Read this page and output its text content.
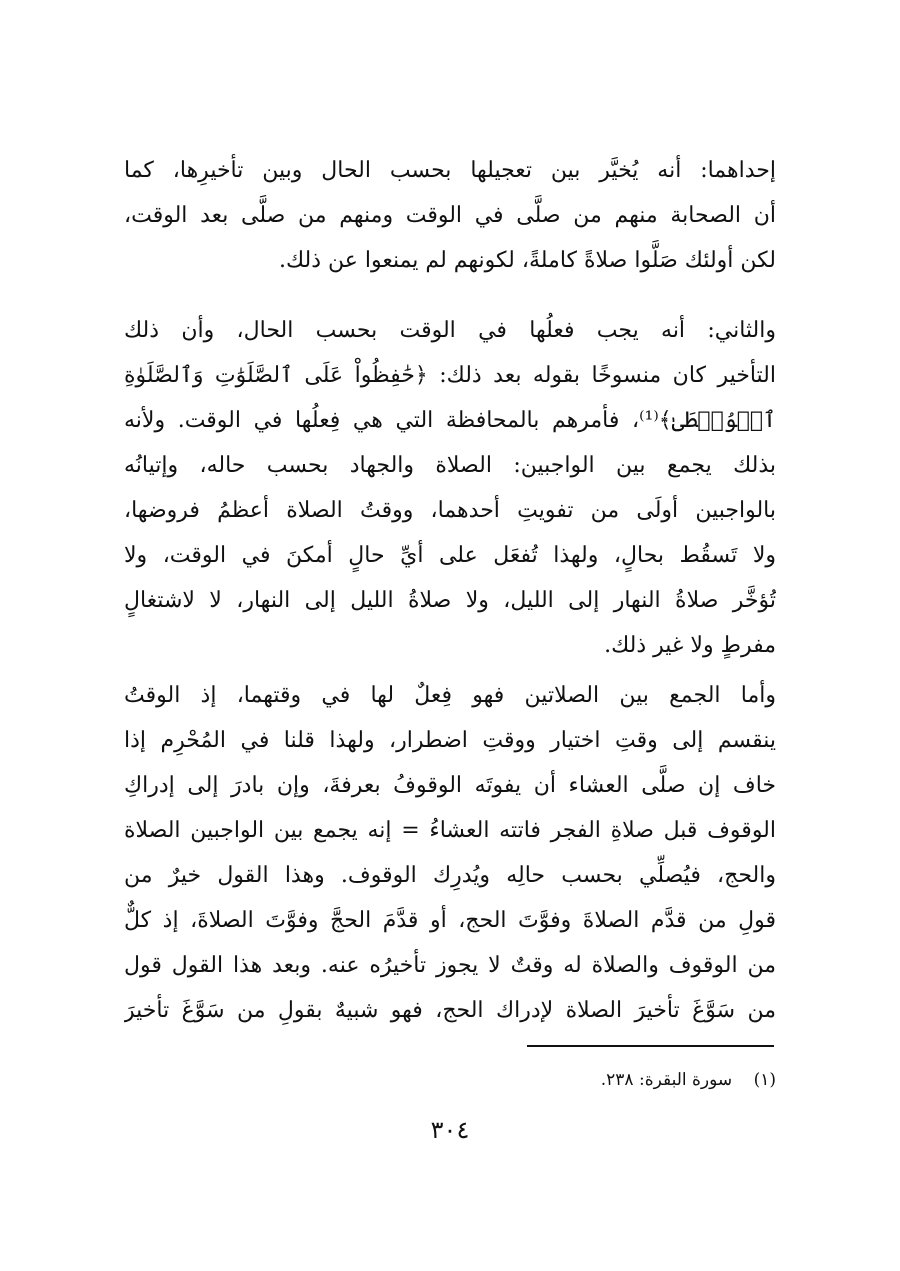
إحداهما: أنه يُخيَّر بين تعجيلها بحسب الحال وبين تأخيرِها، كما
أن الصحابة منهم من صلَّى في الوقت ومنهم من صلَّى بعد الوقت،
لكن أولئك صَلَّوا صلاةً كاملةً، لكونهم لم يمنعوا عن ذلك.
والثاني: أنه يجب فعلُها في الوقت بحسب الحال، وأن ذلك
التأخير كان منسوخًا بقوله بعد ذلك: ﴿حَٰفِظُواْ عَلَى ٱلصَّلَوَٰتِ وَٱلصَّلَوٰةِ
ٱلۡوُسۡطَىٰ﴾⁽¹⁾، فأمرهم بالمحافظة التي هي فِعلُها في الوقت. ولأنه
بذلك يجمع بين الواجبين: الصلاة والجهاد بحسب حاله، وإتيانُه
بالواجبين أولَى من تفويتِ أحدهما، ووقتُ الصلاة أعظمُ فروضها،
ولا تَسقُط بحالٍ، ولهذا تُفعَل على أيِّ حالٍ أمكنَ في الوقت، ولا
تُؤخَّر صلاةُ النهار إلى الليل، ولا صلاةُ الليل إلى النهار، لا لاشتغالٍ
مفرطٍ ولا غير ذلك.
وأما الجمع بين الصلاتين فهو فِعلٌ لها في وقتهما، إذ الوقتُ
ينقسم إلى وقتِ اختيار ووقتِ اضطرار، ولهذا قلنا في المُحْرِم إذا
خاف إن صلَّى العشاء أن يفوتَه الوقوفُ بعرفةَ، وإن بادرَ إلى إدراكِ
الوقوف قبل صلاةِ الفجر فاتته العشاءُ = إنه يجمع بين الواجبين الصلاة
والحج، فيُصلِّي بحسب حالِه ويُدرِك الوقوف. وهذا القول خيرٌ من
قولِ من قدَّم الصلاةَ وفوَّتَ الحج، أو قدَّمَ الحجَّ وفوَّتَ الصلاةَ، إذ كلٌّ
من الوقوف والصلاة له وقتٌ لا يجوز تأخيرُه عنه. وبعد هذا القول قول
من سَوَّغَ تأخيرَ الصلاة لإدراك الحج، فهو شبيهٌ بقولِ من سَوَّغَ تأخيرَ
(١) سورة البقرة: ٢٣٨.
٣٠٤
